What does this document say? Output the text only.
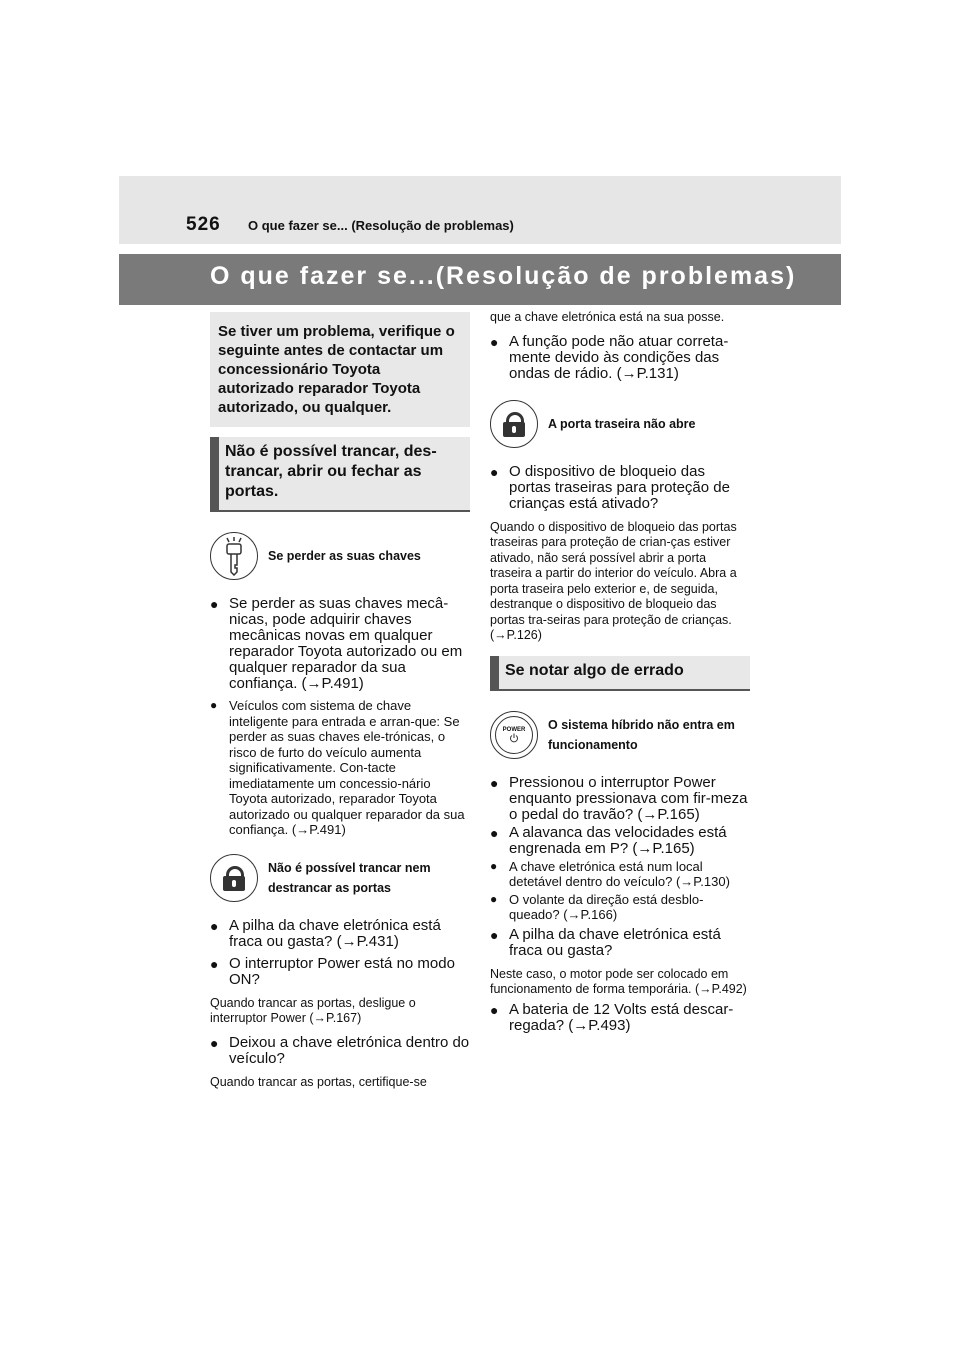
526 O que fazer se... (Resolução de problemas)
O que fazer se...(Resolução de problemas)
Se tiver um problema, verifique o seguinte antes de contactar um concessionário Toyota autorizado reparador Toyota autorizado, ou qualquer.
Não é possível trancar, des-trancar, abrir ou fechar as portas.
Se perder as suas chaves
● Se perder as suas chaves mecâ-nicas, pode adquirir chaves mecânicas novas em qualquer reparador Toyota autorizado ou em qualquer reparador da sua confiança. (→P.491)
● Veículos com sistema de chave inteligente para entrada e arran-que: Se perder as suas chaves ele-trónicas, o risco de furto do veículo aumenta significativamente. Con-tacte imediatamente um concessio-nário Toyota autorizado, reparador Toyota autorizado ou qualquer reparador da sua confiança. (→P.491)
Não é possível trancar nem destrancar as portas
● A pilha da chave eletrónica está fraca ou gasta? (→P.431)
● O interruptor Power está no modo ON?
Quando trancar as portas, desligue o interruptor Power (→P.167)
● Deixou a chave eletrónica dentro do veículo?
Quando trancar as portas, certifique-se
que a chave eletrónica está na sua posse.
● A função pode não atuar correta-mente devido às condições das ondas de rádio. (→P.131)
A porta traseira não abre
● O dispositivo de bloqueio das portas traseiras para proteção de crianças está ativado?
Quando o dispositivo de bloqueio das portas traseiras para proteção de crian-ças estiver ativado, não será possível abrir a porta traseira a partir do interior do veículo. Abra a porta traseira pelo exterior e, de seguida, destranque o dispositivo de bloqueio das portas tra-seiras para proteção de crianças. (→P.126)
Se notar algo de errado
POWER O sistema híbrido não entra em funcionamento
● Pressionou o interruptor Power enquanto pressionava com fir-meza o pedal do travão? (→P.165)
● A alavanca das velocidades está engrenada em P? (→P.165)
● A chave eletrónica está num local detetável dentro do veículo? (→P.130)
● O volante da direção está desblo-queado? (→P.166)
● A pilha da chave eletrónica está fraca ou gasta?
Neste caso, o motor pode ser colocado em funcionamento de forma temporária. (→P.492)
● A bateria de 12 Volts está descar-regada? (→P.493)
